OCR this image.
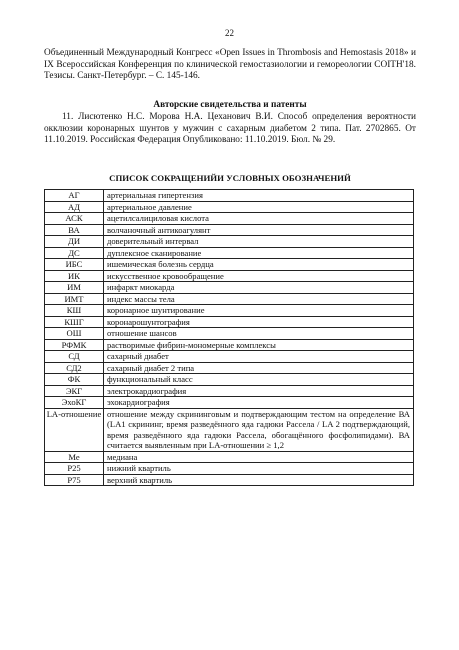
22

Объединенный Международный Конгресс «Open Issues in Thrombosis and Hemostasis 2018» и IX Всероссийская Конференция по клинической гемостазиологии и гемореологии СОIТН'18. Тезисы. Санкт-Петербург. – С. 145-146.

Авторские свидетельства и патенты

11. Лисютенко Н.С. Морова Н.А. Цеханович В.И. Способ определения вероятности окклюзии коронарных шунтов у мужчин с сахарным диабетом 2 типа. Пат. 2702865. От 11.10.2019. Российская Федерация Опубликовано: 11.10.2019. Бюл. № 29.

СПИСОК СОКРАЩЕНИЙИ УСЛОВНЫХ ОБОЗНАЧЕНИЙ

АГ	артериальная гипертензия
АД	артериальное давление
АСК	ацетилсалициловая кислота
ВА	волчаночный антикоагулянт
ДИ	доверительный интервал
ДС	дуплексное сканирование
ИБС	ишемическая болезнь сердца
ИК	искусственное кровообращение
ИМ	инфаркт миокарда
ИМТ	индекс массы тела
КШ	коронарное шунтирование
КШГ	коронарошунтография
ОШ	отношение шансов
РФМК	растворимые фибрин-мономерные комплексы
СД	сахарный диабет
СД2	сахарный диабет 2 типа
ФК	функциональный класс
ЭКГ	электрокардиография
ЭхоКГ	эхокардиография
LA-отношение	отношение между скрининговым и подтверждающим тестом на определение ВА (LA1 скрининг, время разведённого яда гадюки Рассела / LA 2 подтверждающий, время разведённого яда гадюки Рассела, обогащённого фосфолипидами). ВА считается выявленным при LA-отношении ≥ 1,2
Ме	медиана
P25	нижний квартиль
P75	верхний квартиль
